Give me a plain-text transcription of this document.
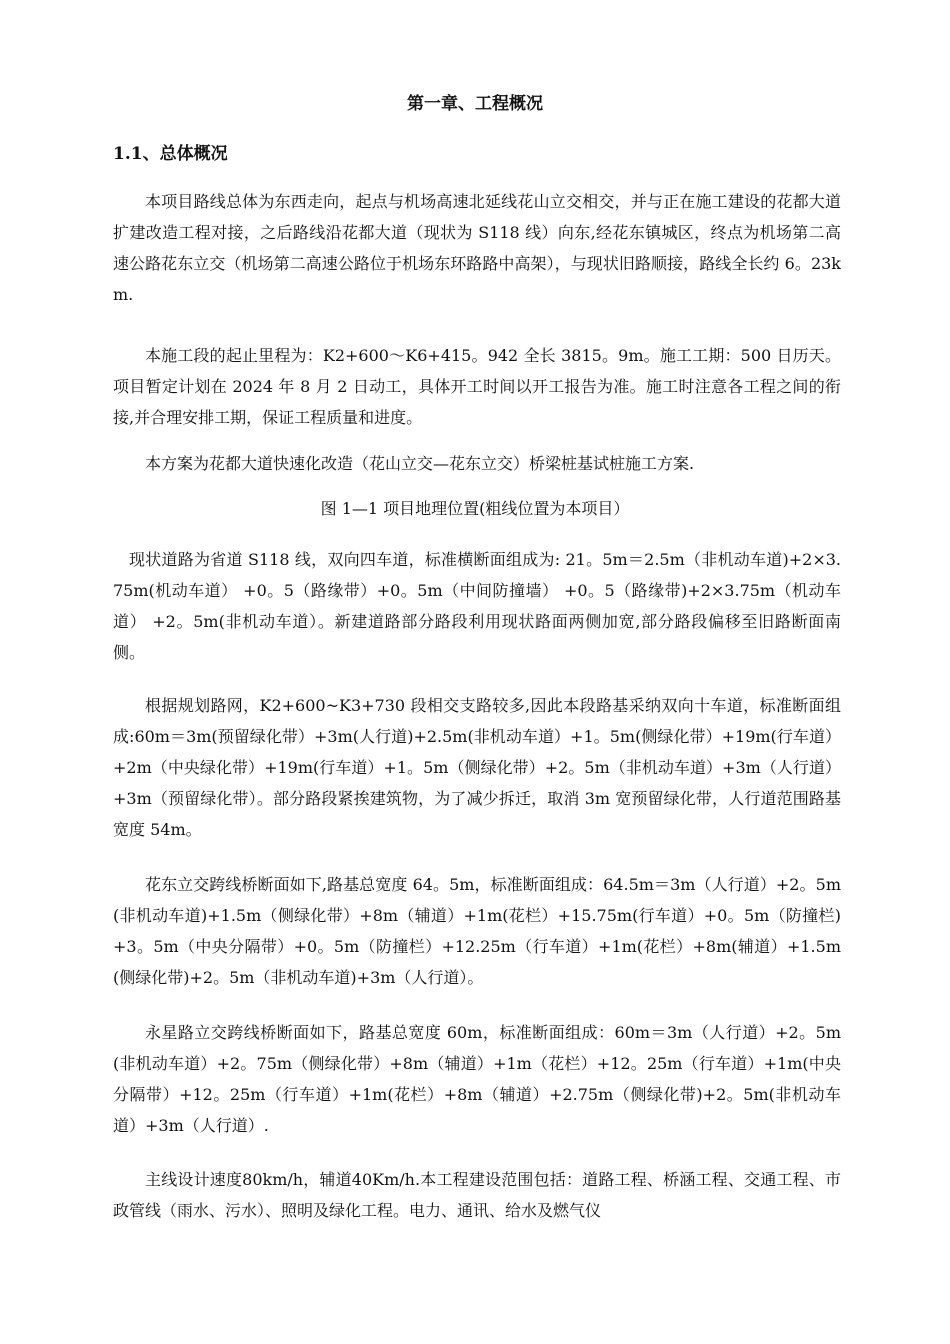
第一章、工程概况
1.1、总体概况

本项目路线总体为东西走向，起点与机场高速北延线花山立交相交，并与正在施工建设的花都大道扩建改造工程对接，之后路线沿花都大道（现状为 S118 线）向东,经花东镇城区，终点为机场第二高速公路花东立交（机场第二高速公路位于机场东环路路中高架），与现状旧路顺接，路线全长约 6。23km.

本施工段的起止里程为：K2+600～K6+415。942 全长 3815。9m。施工工期：500 日历天。项目暂定计划在 2024 年 8 月 2 日动工，具体开工时间以开工报告为准。施工时注意各工程之间的衔接,并合理安排工期，保证工程质量和进度。

本方案为花都大道快速化改造（花山立交—花东立交）桥梁桩基试桩施工方案.

图 1—1 项目地理位置(粗线位置为本项目）

现状道路为省道 S118 线，双向四车道，标准横断面组成为: 21。5m＝2.5m（非机动车道)+2×3.75m(机动车道） +0。5（路缘带）+0。5m（中间防撞墙） +0。5（路缘带)+2×3.75m（机动车道） +2。5m(非机动车道）。新建道路部分路段利用现状路面两侧加宽,部分路段偏移至旧路断面南侧。

根据规划路网，K2+600~K3+730 段相交支路较多,因此本段路基采纳双向十车道，标准断面组成:60m＝3m(预留绿化带）+3m(人行道)+2.5m(非机动车道）+1。5m(侧绿化带）+19m(行车道）+2m（中央绿化带）+19m(行车道）+1。5m（侧绿化带）+2。5m（非机动车道）+3m（人行道）+3m（预留绿化带）。部分路段紧挨建筑物，为了减少拆迁，取消 3m 宽预留绿化带，人行道范围路基宽度 54m。

花东立交跨线桥断面如下,路基总宽度 64。5m，标准断面组成：64.5m＝3m（人行道）+2。5m(非机动车道)+1.5m（侧绿化带）+8m（辅道）+1m(花栏）+15.75m(行车道）+0。5m（防撞栏)+3。5m（中央分隔带）+0。5m（防撞栏）+12.25m（行车道）+1m(花栏）+8m(辅道）+1.5m(侧绿化带)+2。5m（非机动车道)+3m（人行道）。

永星路立交跨线桥断面如下，路基总宽度 60m，标准断面组成：60m＝3m（人行道）+2。5m(非机动车道）+2。75m（侧绿化带）+8m（辅道）+1m（花栏）+12。25m（行车道）+1m(中央分隔带）+12。25m（行车道）+1m(花栏）+8m（辅道）+2.75m（侧绿化带)+2。5m(非机动车道）+3m（人行道）.

主线设计速度80km/h，辅道40Km/h.本工程建设范围包括：道路工程、桥涵工程、交通工程、市政管线（雨水、污水）、照明及绿化工程。电力、通讯、给水及燃气仪
